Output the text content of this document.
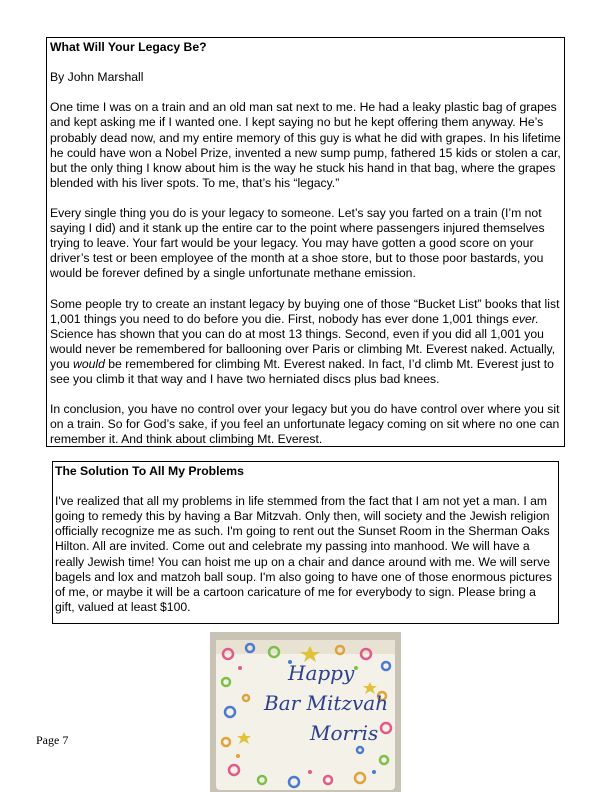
What Will Your Legacy Be?

By John Marshall

One time I was on a train and an old man sat next to me. He had a leaky plastic bag of grapes and kept asking me if I wanted one. I kept saying no but he kept offering them anyway. He’s probably dead now, and my entire memory of this guy is what he did with grapes. In his lifetime he could have won a Nobel Prize, invented a new sump pump, fathered 15 kids or stolen a car, but the only thing I know about him is the way he stuck his hand in that bag, where the grapes blended with his liver spots. To me, that’s his “legacy.”

Every single thing you do is your legacy to someone. Let’s say you farted on a train (I’m not saying I did) and it stank up the entire car to the point where passengers injured themselves trying to leave. Your fart would be your legacy. You may have gotten a good score on your driver’s test or been employee of the month at a shoe store, but to those poor bastards, you would be forever defined by a single unfortunate methane emission.

Some people try to create an instant legacy by buying one of those “Bucket List” books that list 1,001 things you need to do before you die. First, nobody has ever done 1,001 things ever. Science has shown that you can do at most 13 things. Second, even if you did all 1,001 you would never be remembered for ballooning over Paris or climbing Mt. Everest naked. Actually, you would be remembered for climbing Mt. Everest naked. In fact, I’d climb Mt. Everest just to see you climb it that way and I have two herniated discs plus bad knees.

In conclusion, you have no control over your legacy but you do have control over where you sit on a train. So for God’s sake, if you feel an unfortunate legacy coming on sit where no one can remember it. And think about climbing Mt. Everest.

The Solution To All My Problems

I've realized that all my problems in life stemmed from the fact that I am not yet a man. I am going to remedy this by having a Bar Mitzvah. Only then, will society and the Jewish religion officially recognize me as such. I'm going to rent out the Sunset Room in the Sherman Oaks Hilton. All are invited. Come out and celebrate my passing into manhood. We will have a really Jewish time! You can hoist me up on a chair and dance around with me. We will serve bagels and lox and matzoh ball soup. I'm also going to have one of those enormous pictures of me, or maybe it will be a cartoon caricature of me for everybody to sign. Please bring a gift, valued at least $100.

Happy
Bar Mitzvah
Morris
Page 7
